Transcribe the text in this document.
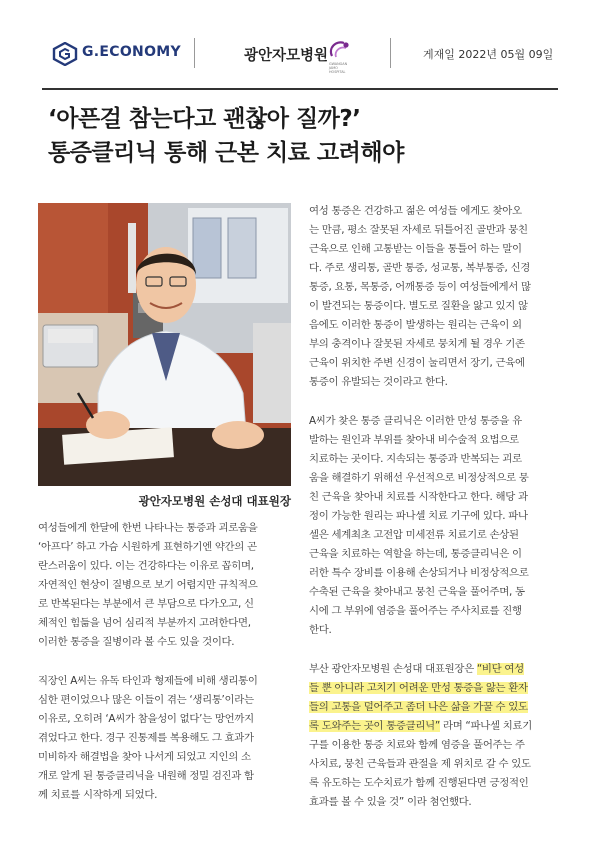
G.ECONOMY	광안자모병원 GWANGAN JAMO HOSPITAL
게재일 2022년 05월 09일
‘아픈걸 참는다고 괜찮아 질까?’
통증클리닉 통해 근본 치료 고려해야
광안자모병원 손성대 대표원장

여성들에게 한달에 한번 나타나는 통증과 괴로움을
‘아프다’ 하고 가슴 시원하게 표현하기엔 약간의 곤
란스러움이 있다. 이는 건강하다는 이유로 꼽히며,
자연적인 현상이 질병으로 보기 어렵지만 규칙적으
로 반복된다는 부분에서 큰 부담으로 다가오고, 신
체적인 힘듦을 넘어 심리적 부분까지 고려한다면,
이러한 통증을 질병이라 볼 수도 있을 것이다.

직장인 A씨는 유독 타인과 형제들에 비해 생리통이
심한 편이었으나 많은 이들이 겪는 ‘생리통’이라는
이유로, 오히려 ‘A씨가 참을성이 없다’는 망언까지
겪었다고 한다. 경구 진통제를 복용해도 그 효과가
미비하자 해결법을 찾아 나서게 되었고 지인의 소
개로 알게 된 통증클리닉을 내원해 정밀 검진과 함
께 치료를 시작하게 되었다.

여성 통증은 건강하고 젊은 여성들 에게도 찾아오
는 만큼, 평소 잘못된 자세로 뒤틀어진 골반과 뭉친
근육으로 인해 고통받는 이들을 통틀어 하는 말이
다. 주로 생리통, 골반 통증, 성교통, 복부통증, 신경
통증, 요통, 목통증, 어깨통증 등이 여성들에게서 많
이 발견되는 통증이다. 별도로 질환을 앓고 있지 않
음에도 이러한 통증이 발생하는 원리는 근육이 외
부의 충격이나 잘못된 자세로 뭉치게 될 경우 기존
근육이 위치한 주변 신경이 눌리면서 장기, 근육에
통증이 유발되는 것이라고 한다.

A씨가 찾은 통증 클리닉은 이러한 만성 통증을 유
발하는 원인과 부위를 찾아내 비수술적 요법으로
치료하는 곳이다. 지속되는 통증과 반복되는 괴로
움을 해결하기 위해선 우선적으로 비정상적으로 뭉
친 근육을 찾아내 치료를 시작한다고 한다. 해당 과
정이 가능한 원리는 파나셀 치료 기구에 있다. 파나
셀은 세계최초 고전압 미세전류 치료기로 손상된
근육을 치료하는 역할을 하는데, 통증클리닉은 이
러한 특수 장비를 이용해 손상되거나 비정상적으로
수축된 근육을 찾아내고 뭉친 근육을 풀어주며, 동
시에 그 부위에 염증을 풀어주는 주사치료를 진행
한다.

부산 광안자모병원 손성대 대표원장은 “비단 여성
들 뿐 아니라 고치기 어려운 만성 통증을 앓는 환자
들의 고통을 덜어주고 좀더 나은 삶을 가꿀 수 있도
록 도와주는 곳이 통증클리닉” 라며 “파나셀 치료기
구를 이용한 통증 치료와 함께 염증을 풀어주는 주
사치료, 뭉친 근육들과 관절을 제 위치로 갈 수 있도
록 유도하는 도수치료가 함께 진행된다면 긍정적인
효과를 볼 수 있을 것” 이라 첨언했다.
